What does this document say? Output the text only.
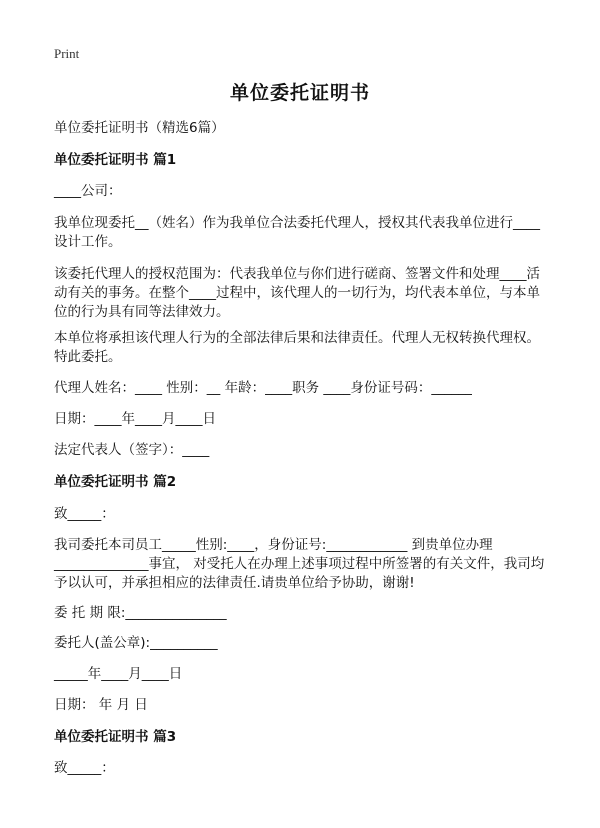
Print
单位委托证明书
单位委托证明书（精选6篇）
单位委托证明书 篇1
____公司：
我单位现委托__（姓名）作为我单位合法委托代理人，授权其代表我单位进行____
设计工作。
该委托代理人的授权范围为：代表我单位与你们进行磋商、签署文件和处理____活
动有关的事务。在整个____过程中，该代理人的一切行为，均代表本单位，与本单
位的行为具有同等法律效力。
本单位将承担该代理人行为的全部法律后果和法律责任。代理人无权转换代理权。
特此委托。
代理人姓名：____ 性别：__ 年龄：____职务 ____身份证号码：______
日期：____年____月____日
法定代表人（签字）：____
单位委托证明书 篇2
致_____：
我司委托本司员工_____性别:____，身份证号:____________ 到贵单位办理
______________事宜， 对受托人在办理上述事项过程中所签署的有关文件，我司均
予以认可，并承担相应的法律责任.请贵单位给予协助，谢谢!
委 托 期 限:_______________
委托人(盖公章):__________
_____年____月____日
日期： 年 月 日
单位委托证明书 篇3
致_____：
